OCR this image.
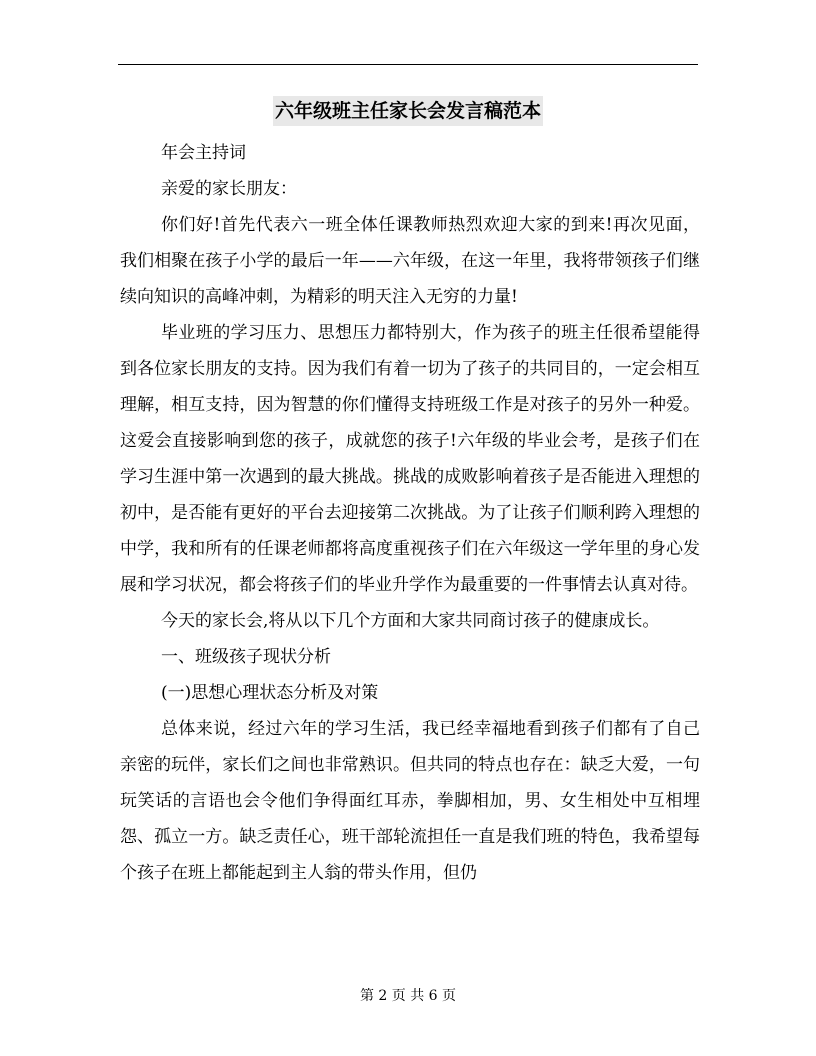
六年级班主任家长会发言稿范本

年会主持词

亲爱的家长朋友：

你们好!首先代表六一班全体任课教师热烈欢迎大家的到来!再次见面，我们相聚在孩子小学的最后一年——六年级，在这一年里，我将带领孩子们继续向知识的高峰冲刺，为精彩的明天注入无穷的力量!

毕业班的学习压力、思想压力都特别大，作为孩子的班主任很希望能得到各位家长朋友的支持。因为我们有着一切为了孩子的共同目的，一定会相互理解，相互支持，因为智慧的你们懂得支持班级工作是对孩子的另外一种爱。这爱会直接影响到您的孩子，成就您的孩子!六年级的毕业会考，是孩子们在学习生涯中第一次遇到的最大挑战。挑战的成败影响着孩子是否能进入理想的初中，是否能有更好的平台去迎接第二次挑战。为了让孩子们顺利跨入理想的中学，我和所有的任课老师都将高度重视孩子们在六年级这一学年里的身心发展和学习状况，都会将孩子们的毕业升学作为最重要的一件事情去认真对待。

今天的家长会,将从以下几个方面和大家共同商讨孩子的健康成长。

一、班级孩子现状分析

(一)思想心理状态分析及对策

总体来说，经过六年的学习生活，我已经幸福地看到孩子们都有了自己亲密的玩伴，家长们之间也非常熟识。但共同的特点也存在：缺乏大爱，一句玩笑话的言语也会令他们争得面红耳赤，拳脚相加，男、女生相处中互相埋怨、孤立一方。缺乏责任心，班干部轮流担任一直是我们班的特色，我希望每个孩子在班上都能起到主人翁的带头作用，但仍

第 2 页 共 6 页
